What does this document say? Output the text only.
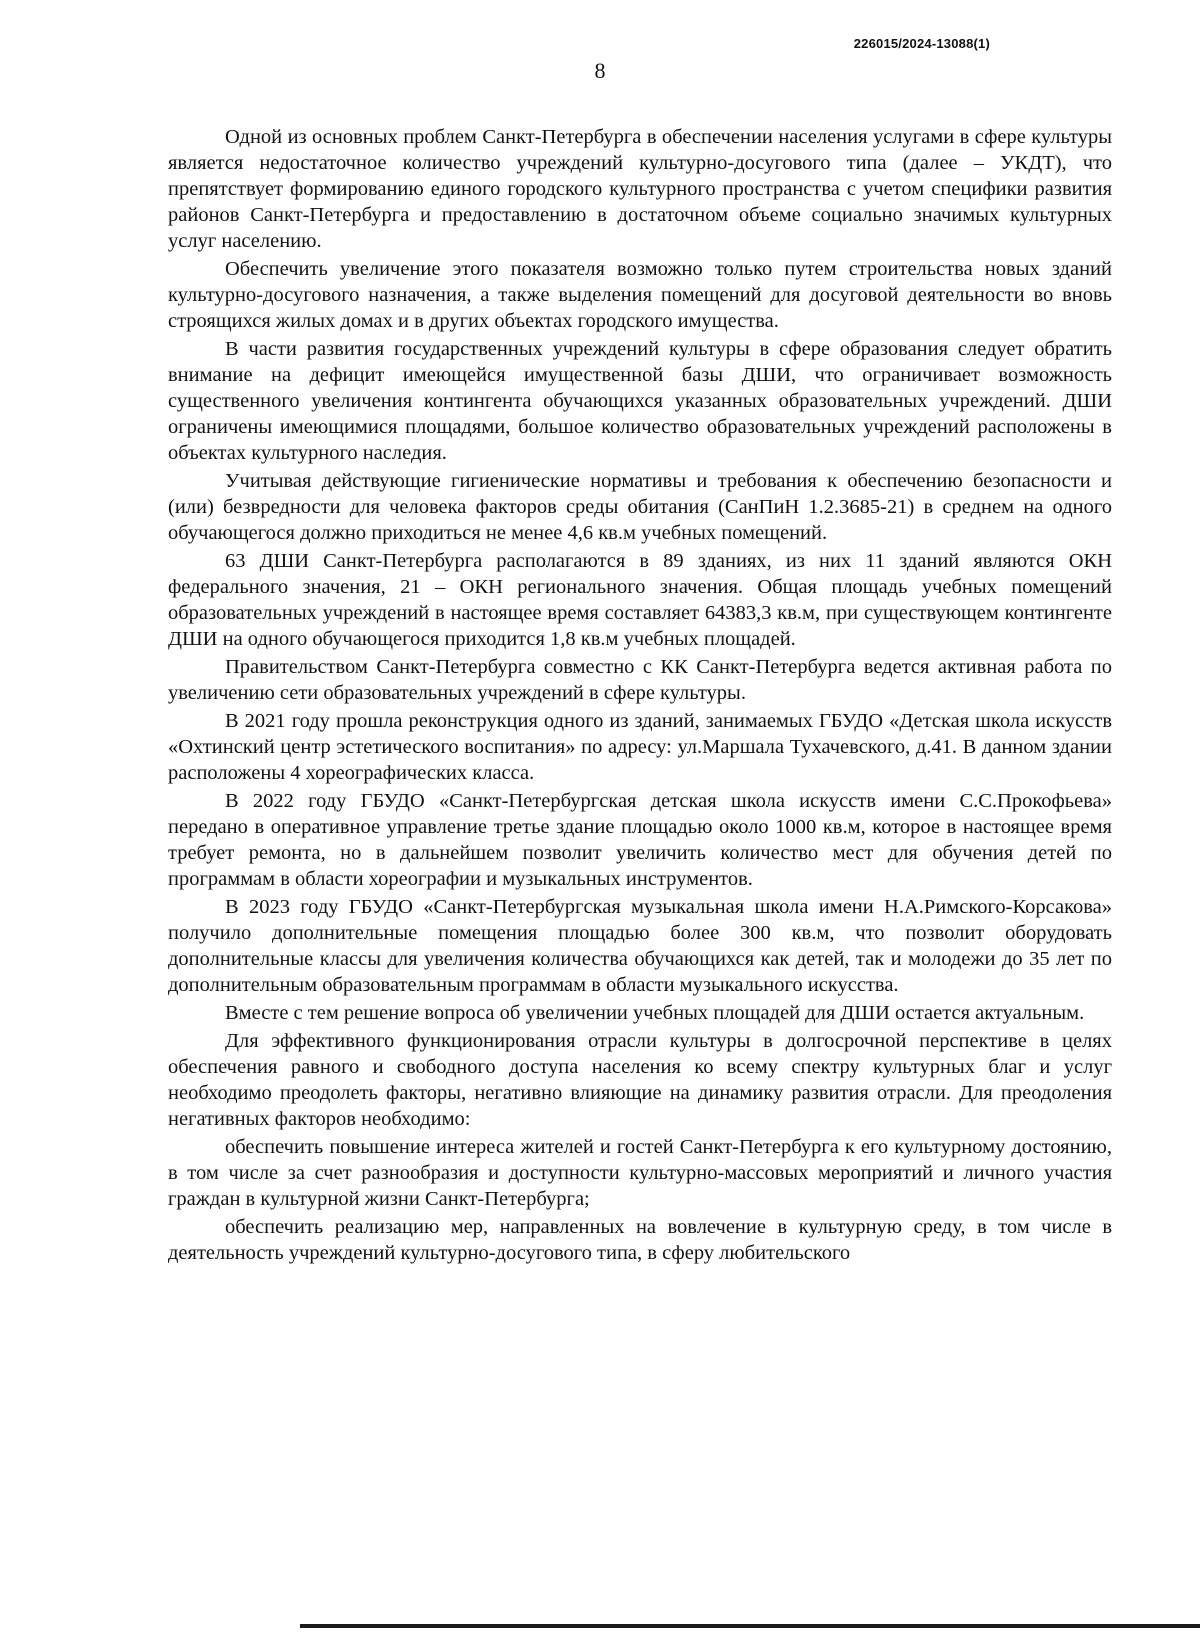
226015/2024-13088(1)
8

Одной из основных проблем Санкт-Петербурга в обеспечении населения услугами в сфере культуры является недостаточное количество учреждений культурно-досугового типа (далее – УКДТ), что препятствует формированию единого городского культурного пространства с учетом специфики развития районов Санкт-Петербурга и предоставлению в достаточном объеме социально значимых культурных услуг населению.

Обеспечить увеличение этого показателя возможно только путем строительства новых зданий культурно-досугового назначения, а также выделения помещений для досуговой деятельности во вновь строящихся жилых домах и в других объектах городского имущества.

В части развития государственных учреждений культуры в сфере образования следует обратить внимание на дефицит имеющейся имущественной базы ДШИ, что ограничивает возможность существенного увеличения контингента обучающихся указанных образовательных учреждений. ДШИ ограничены имеющимися площадями, большое количество образовательных учреждений расположены в объектах культурного наследия.

Учитывая действующие гигиенические нормативы и требования к обеспечению безопасности и (или) безвредности для человека факторов среды обитания (СанПиН 1.2.3685-21) в среднем на одного обучающегося должно приходиться не менее 4,6 кв.м учебных помещений.

63 ДШИ Санкт-Петербурга располагаются в 89 зданиях, из них 11 зданий являются ОКН федерального значения, 21 – ОКН регионального значения. Общая площадь учебных помещений образовательных учреждений в настоящее время составляет 64383,3 кв.м, при существующем контингенте ДШИ на одного обучающегося приходится 1,8 кв.м учебных площадей.

Правительством Санкт-Петербурга совместно с КК Санкт-Петербурга ведется активная работа по увеличению сети образовательных учреждений в сфере культуры.

В 2021 году прошла реконструкция одного из зданий, занимаемых ГБУДО «Детская школа искусств «Охтинский центр эстетического воспитания» по адресу: ул.Маршала Тухачевского, д.41. В данном здании расположены 4 хореографических класса.

В 2022 году ГБУДО «Санкт-Петербургская детская школа искусств имени С.С.Прокофьева» передано в оперативное управление третье здание площадью около 1000 кв.м, которое в настоящее время требует ремонта, но в дальнейшем позволит увеличить количество мест для обучения детей по программам в области хореографии и музыкальных инструментов.

В 2023 году ГБУДО «Санкт-Петербургская музыкальная школа имени Н.А.Римского-Корсакова» получило дополнительные помещения площадью более 300 кв.м, что позволит оборудовать дополнительные классы для увеличения количества обучающихся как детей, так и молодежи до 35 лет по дополнительным образовательным программам в области музыкального искусства.

Вместе с тем решение вопроса об увеличении учебных площадей для ДШИ остается актуальным.

Для эффективного функционирования отрасли культуры в долгосрочной перспективе в целях обеспечения равного и свободного доступа населения ко всему спектру культурных благ и услуг необходимо преодолеть факторы, негативно влияющие на динамику развития отрасли. Для преодоления негативных факторов необходимо:

обеспечить повышение интереса жителей и гостей Санкт-Петербурга к его культурному достоянию, в том числе за счет разнообразия и доступности культурно-массовых мероприятий и личного участия граждан в культурной жизни Санкт-Петербурга;

обеспечить реализацию мер, направленных на вовлечение в культурную среду, в том числе в деятельность учреждений культурно-досугового типа, в сферу любительского
